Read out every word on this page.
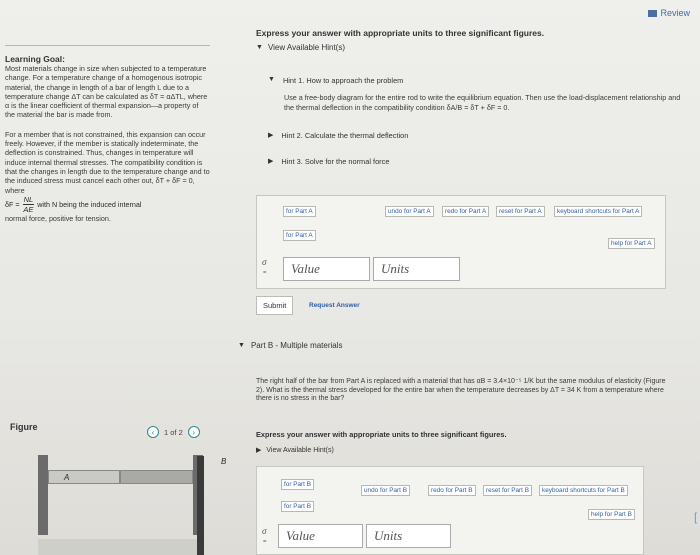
Review
Learning Goal:

Most materials change in size when subjected to a temperature change. For a temperature change of a homogenous isotropic material, the change in length of a bar of length L due to a temperature change ΔT can be calculated as δT = αΔTL, where α is the linear coefficient of thermal expansion—a property of the material the bar is made from.

For a member that is not constrained, this expansion can occur freely. However, if the member is statically indeterminate, the deflection is constrained. Thus, changes in temperature will induce internal thermal stresses. The compatibility condition is that the changes in length due to the temperature change and to the induced stress must cancel each other out, δT + δF = 0, where

$\delta F = \frac{NL}{AE}$ with N being the induced internal

normal force, positive for tension.

Figure	‹	1 of 2	›
A
B
Express your answer with appropriate units to three significant figures.
▼ View Available Hint(s)
▼ Hint 1. How to approach the problem
Use a free-body diagram for the entire rod to write the equilibrium equation. Then use the load-displacement relationship and the thermal deflection in the compatibility condition δA/B = δT + δF = 0.
▶ Hint 2. Calculate the thermal deflection
▶ Hint 3. Solve for the normal force
for Part A
for Part A
undo for Part A	redo for Part A	reset for Part A	keyboard shortcuts for Part A
help for Part A
σ
=	Value	Units
Submit	Request Answer
▼ Part B - Multiple materials
The right half of the bar from Part A is replaced with a material that has αB = 3.4×10⁻⁵ 1/K but the same modulus of elasticity (Figure 2). What is the thermal stress developed for the entire bar when the temperature decreases by ΔT = 34 K from a temperature where there is no stress in the bar?
Express your answer with appropriate units to three significant figures.
▶ View Available Hint(s)
for Part B
for Part B
undo for Part B	redo for Part B	reset for Part B	keyboard shortcuts for Part B
help for Part B
σ
=	Value	Units
[
